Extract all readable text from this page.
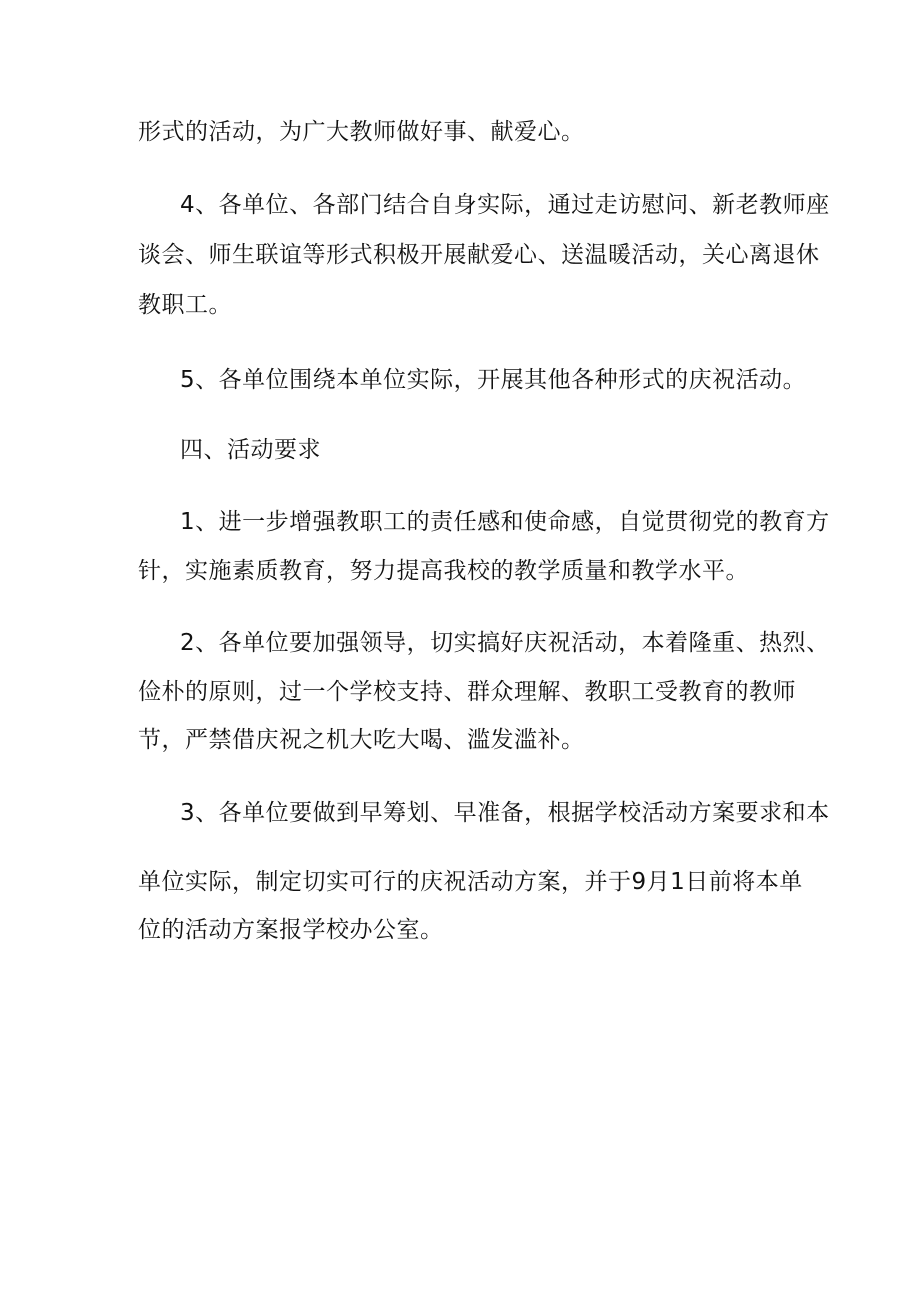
形式的活动，为广大教师做好事、献爱心。
4、各单位、各部门结合自身实际，通过走访慰问、新老教师座
谈会、师生联谊等形式积极开展献爱心、送温暖活动，关心离退休
教职工。
5、各单位围绕本单位实际，开展其他各种形式的庆祝活动。
四、活动要求
1、进一步增强教职工的责任感和使命感，自觉贯彻党的教育方
针，实施素质教育，努力提高我校的教学质量和教学水平。
2、各单位要加强领导，切实搞好庆祝活动，本着隆重、热烈、
俭朴的原则，过一个学校支持、群众理解、教职工受教育的教师
节，严禁借庆祝之机大吃大喝、滥发滥补。
3、各单位要做到早筹划、早准备，根据学校活动方案要求和本
单位实际，制定切实可行的庆祝活动方案，并于9月1日前将本单
位的活动方案报学校办公室。
